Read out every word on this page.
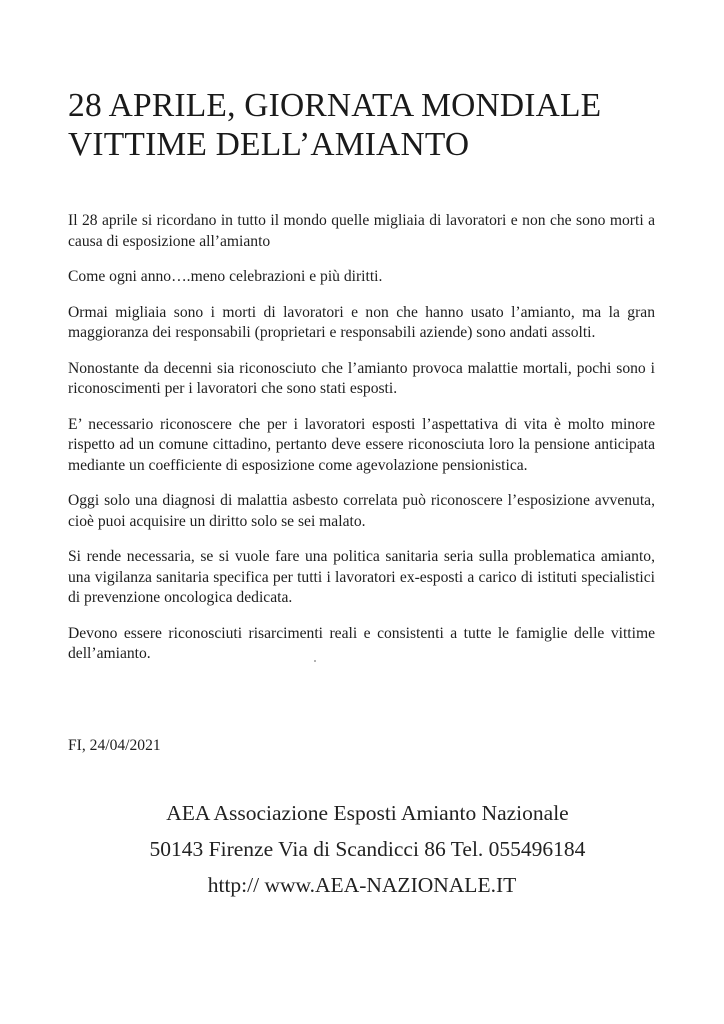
28 APRILE, GIORNATA MONDIALE
VITTIME DELL’AMIANTO

Il 28 aprile si ricordano in tutto il mondo quelle migliaia di lavoratori e non che sono morti a causa di esposizione all’amianto

Come ogni anno….meno celebrazioni e più diritti.

Ormai migliaia sono i morti di lavoratori e non che hanno usato l’amianto, ma la gran maggioranza dei responsabili (proprietari e responsabili aziende) sono andati assolti.

Nonostante da decenni sia riconosciuto che l’amianto provoca malattie mortali, pochi sono i riconoscimenti per i lavoratori che sono stati esposti.

E’ necessario riconoscere che per i lavoratori esposti l’aspettativa di vita è molto minore rispetto ad un comune cittadino, pertanto deve essere riconosciuta loro la pensione anticipata mediante un coefficiente di esposizione come agevolazione pensionistica.

Oggi solo una diagnosi di malattia asbesto correlata può riconoscere l’esposizione avvenuta, cioè puoi acquisire un diritto solo se sei malato.

Si rende necessaria, se si vuole fare una politica sanitaria seria sulla problematica amianto, una vigilanza sanitaria specifica per tutti i lavoratori ex-esposti a carico di istituti specialistici di prevenzione oncologica dedicata.

Devono essere riconosciuti risarcimenti reali e consistenti a tutte le famiglie delle vittime dell’amianto.

FI, 24/04/2021

AEA Associazione Esposti Amianto Nazionale

50143 Firenze Via di Scandicci 86 Tel. 055496184

http:// www.AEA-NAZIONALE.IT
